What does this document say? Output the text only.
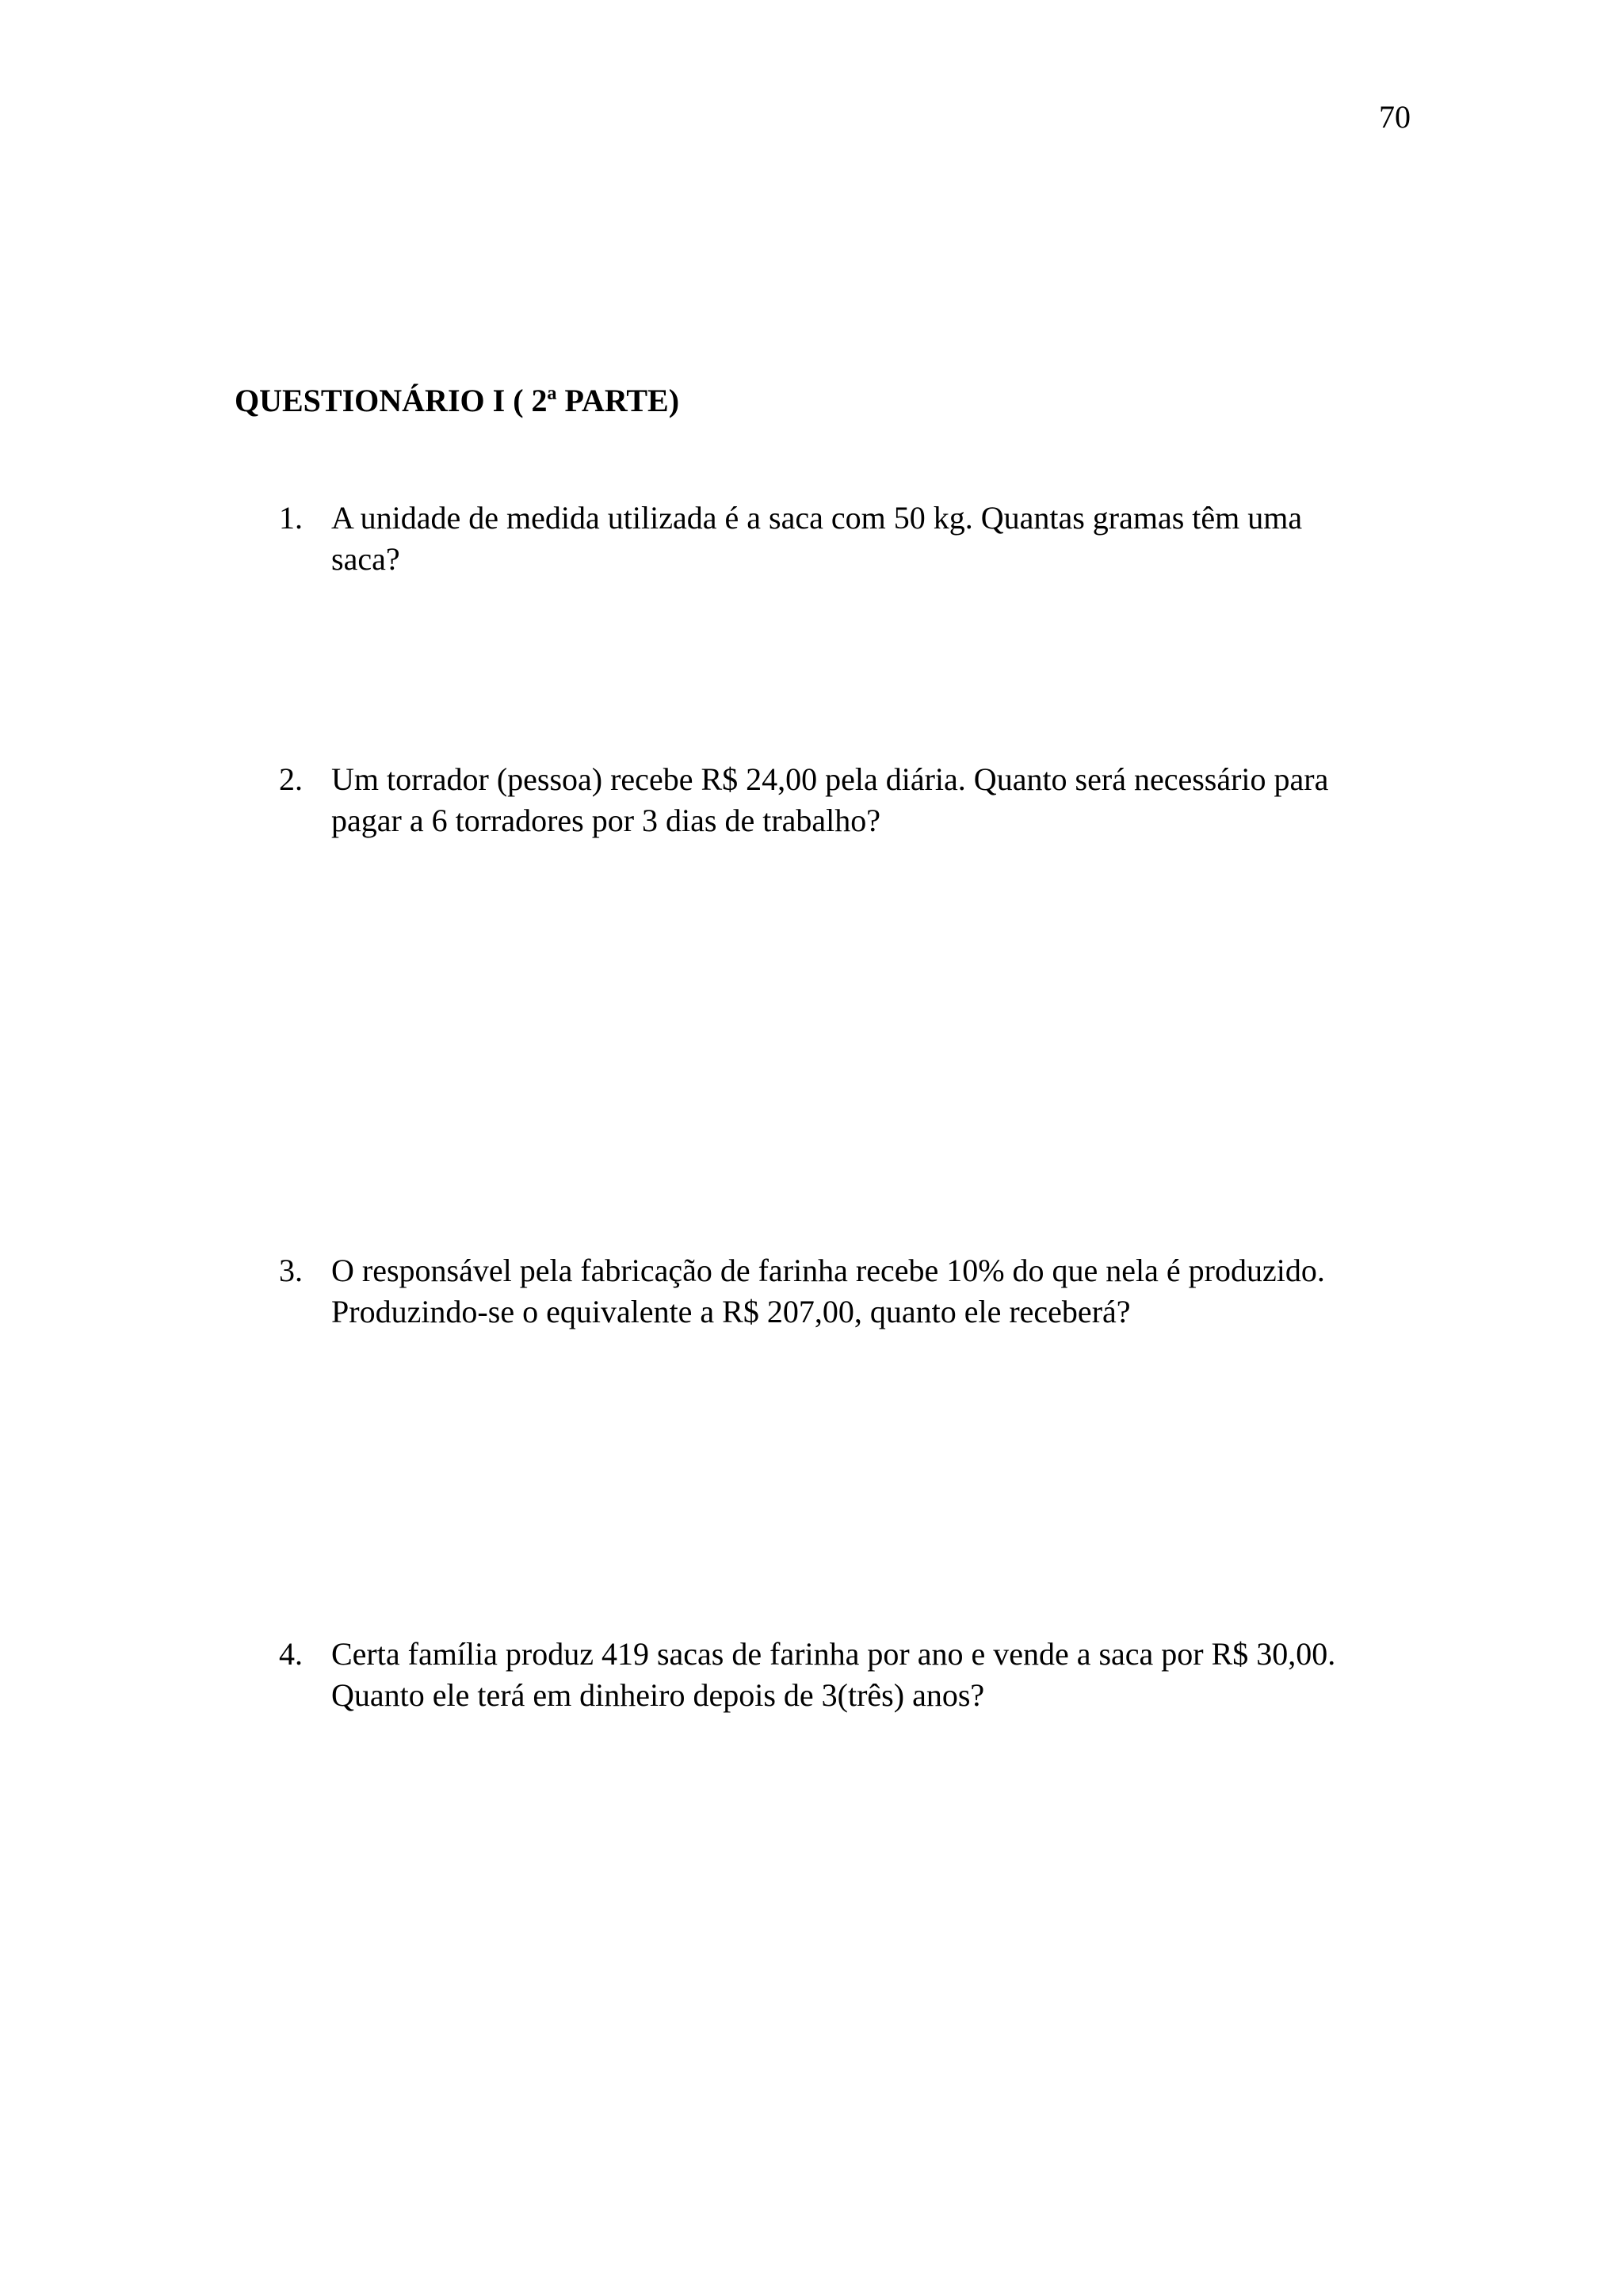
70
QUESTIONÁRIO I ( 2ª PARTE)
1. A unidade de medida utilizada é a saca com 50 kg. Quantas gramas têm uma
saca?
2. Um torrador (pessoa) recebe R$ 24,00 pela diária. Quanto será necessário para
pagar a 6 torradores por 3 dias de trabalho?
3. O responsável pela fabricação de farinha recebe 10% do que nela é produzido.
Produzindo-se o equivalente a R$ 207,00, quanto ele receberá?
4. Certa família produz 419 sacas de farinha por ano e vende a saca por R$ 30,00.
Quanto ele terá em dinheiro depois de 3(três) anos?
